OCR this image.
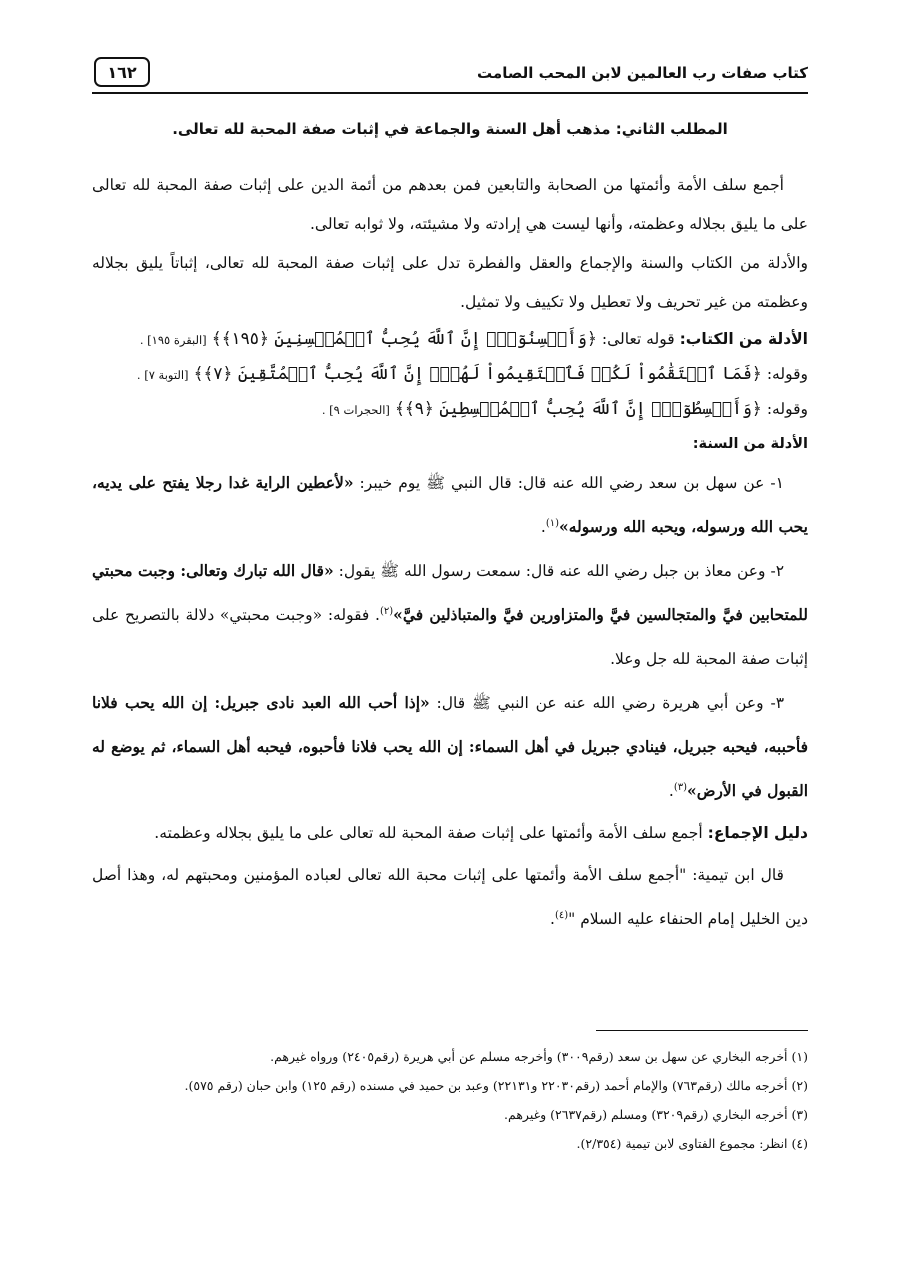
كتاب صفات رب العالمين لابن المحب الصامت
١٦٢
المطلب الثاني: مذهب أهل السنة والجماعة في إثبات صفة المحبة لله تعالى.

أجمع سلف الأمة وأئمتها من الصحابة والتابعين فمن بعدهم من أئمة الدين على إثبات صفة المحبة لله تعالى على ما يليق بجلاله وعظمته، وأنها ليست هي إرادته ولا مشيئته، ولا ثوابه تعالى.

والأدلة من الكتاب والسنة والإجماع والعقل والفطرة تدل على إثبات صفة المحبة لله تعالى، إثباتاً يليق بجلاله وعظمته من غير تحريف ولا تعطيل ولا تكييف ولا تمثيل.

الأدلة من الكتاب: قوله تعالى: ﴿وَأَحۡسِنُوٓاْۚ إِنَّ ٱللَّهَ يُحِبُّ ٱلۡمُحۡسِنِينَ ﴿١٩٥﴾﴾ [البقرة ١٩٥] .

وقوله: ﴿فَمَا ٱسۡتَقَٰمُواْ لَكُمۡ فَٱسۡتَقِيمُواْ لَهُمۡۚ إِنَّ ٱللَّهَ يُحِبُّ ٱلۡمُتَّقِينَ ﴿٧﴾﴾ [التوبة ٧] .

وقوله: ﴿وَأَقۡسِطُوٓاْۖ إِنَّ ٱللَّهَ يُحِبُّ ٱلۡمُقۡسِطِينَ ﴿٩﴾﴾ [الحجرات ٩] .

الأدلة من السنة:

١- عن سهل بن سعد رضي الله عنه قال: قال النبي ﷺ يوم خيبر: «لأعطين الراية غدا رجلا يفتح على يديه، يحب الله ورسوله، ويحبه الله ورسوله»$^{(١)}$.

٢- وعن معاذ بن جبل رضي الله عنه قال: سمعت رسول الله ﷺ يقول: «قال الله تبارك وتعالى: وجبت محبتي للمتحابين فيَّ والمتجالسين فيَّ والمتزاورين فيَّ والمتباذلين فيَّ»$^{(٢)}$. فقوله: «وجبت محبتي» دلالة بالتصريح على إثبات صفة المحبة لله جل وعلا.

٣- وعن أبي هريرة رضي الله عنه عن النبي ﷺ قال: «إذا أحب الله العبد نادى جبريل: إن الله يحب فلانا فأحببه، فيحبه جبريل، فينادي جبريل في أهل السماء: إن الله يحب فلانا فأحبوه، فيحبه أهل السماء، ثم يوضع له القبول في الأرض»$^{(٣)}$.

دليل الإجماع: أجمع سلف الأمة وأئمتها على إثبات صفة المحبة لله تعالى على ما يليق بجلاله وعظمته.

قال ابن تيمية: "أجمع سلف الأمة وأئمتها على إثبات محبة الله تعالى لعباده المؤمنين ومحبتهم له، وهذا أصل دين الخليل إمام الحنفاء عليه السلام "$^{(٤)}$.

(١) أخرجه البخاري عن سهل بن سعد (رقم٣٠٠٩) وأخرجه مسلم عن أبي هريرة (رقم٢٤٠٥) ورواه غيرهم.
(٢) أخرجه مالك (رقم٧٦٣) والإمام أحمد (رقم٢٢٠٣٠ و٢٢١٣١) وعبد بن حميد في مسنده (رقم ١٢٥) وابن حبان (رقم ٥٧٥).
(٣) أخرجه البخاري (رقم٣٢٠٩) ومسلم (رقم٢٦٣٧) وغيرهم.
(٤) انظر: مجموع الفتاوى لابن تيمية (٢/٣٥٤).
